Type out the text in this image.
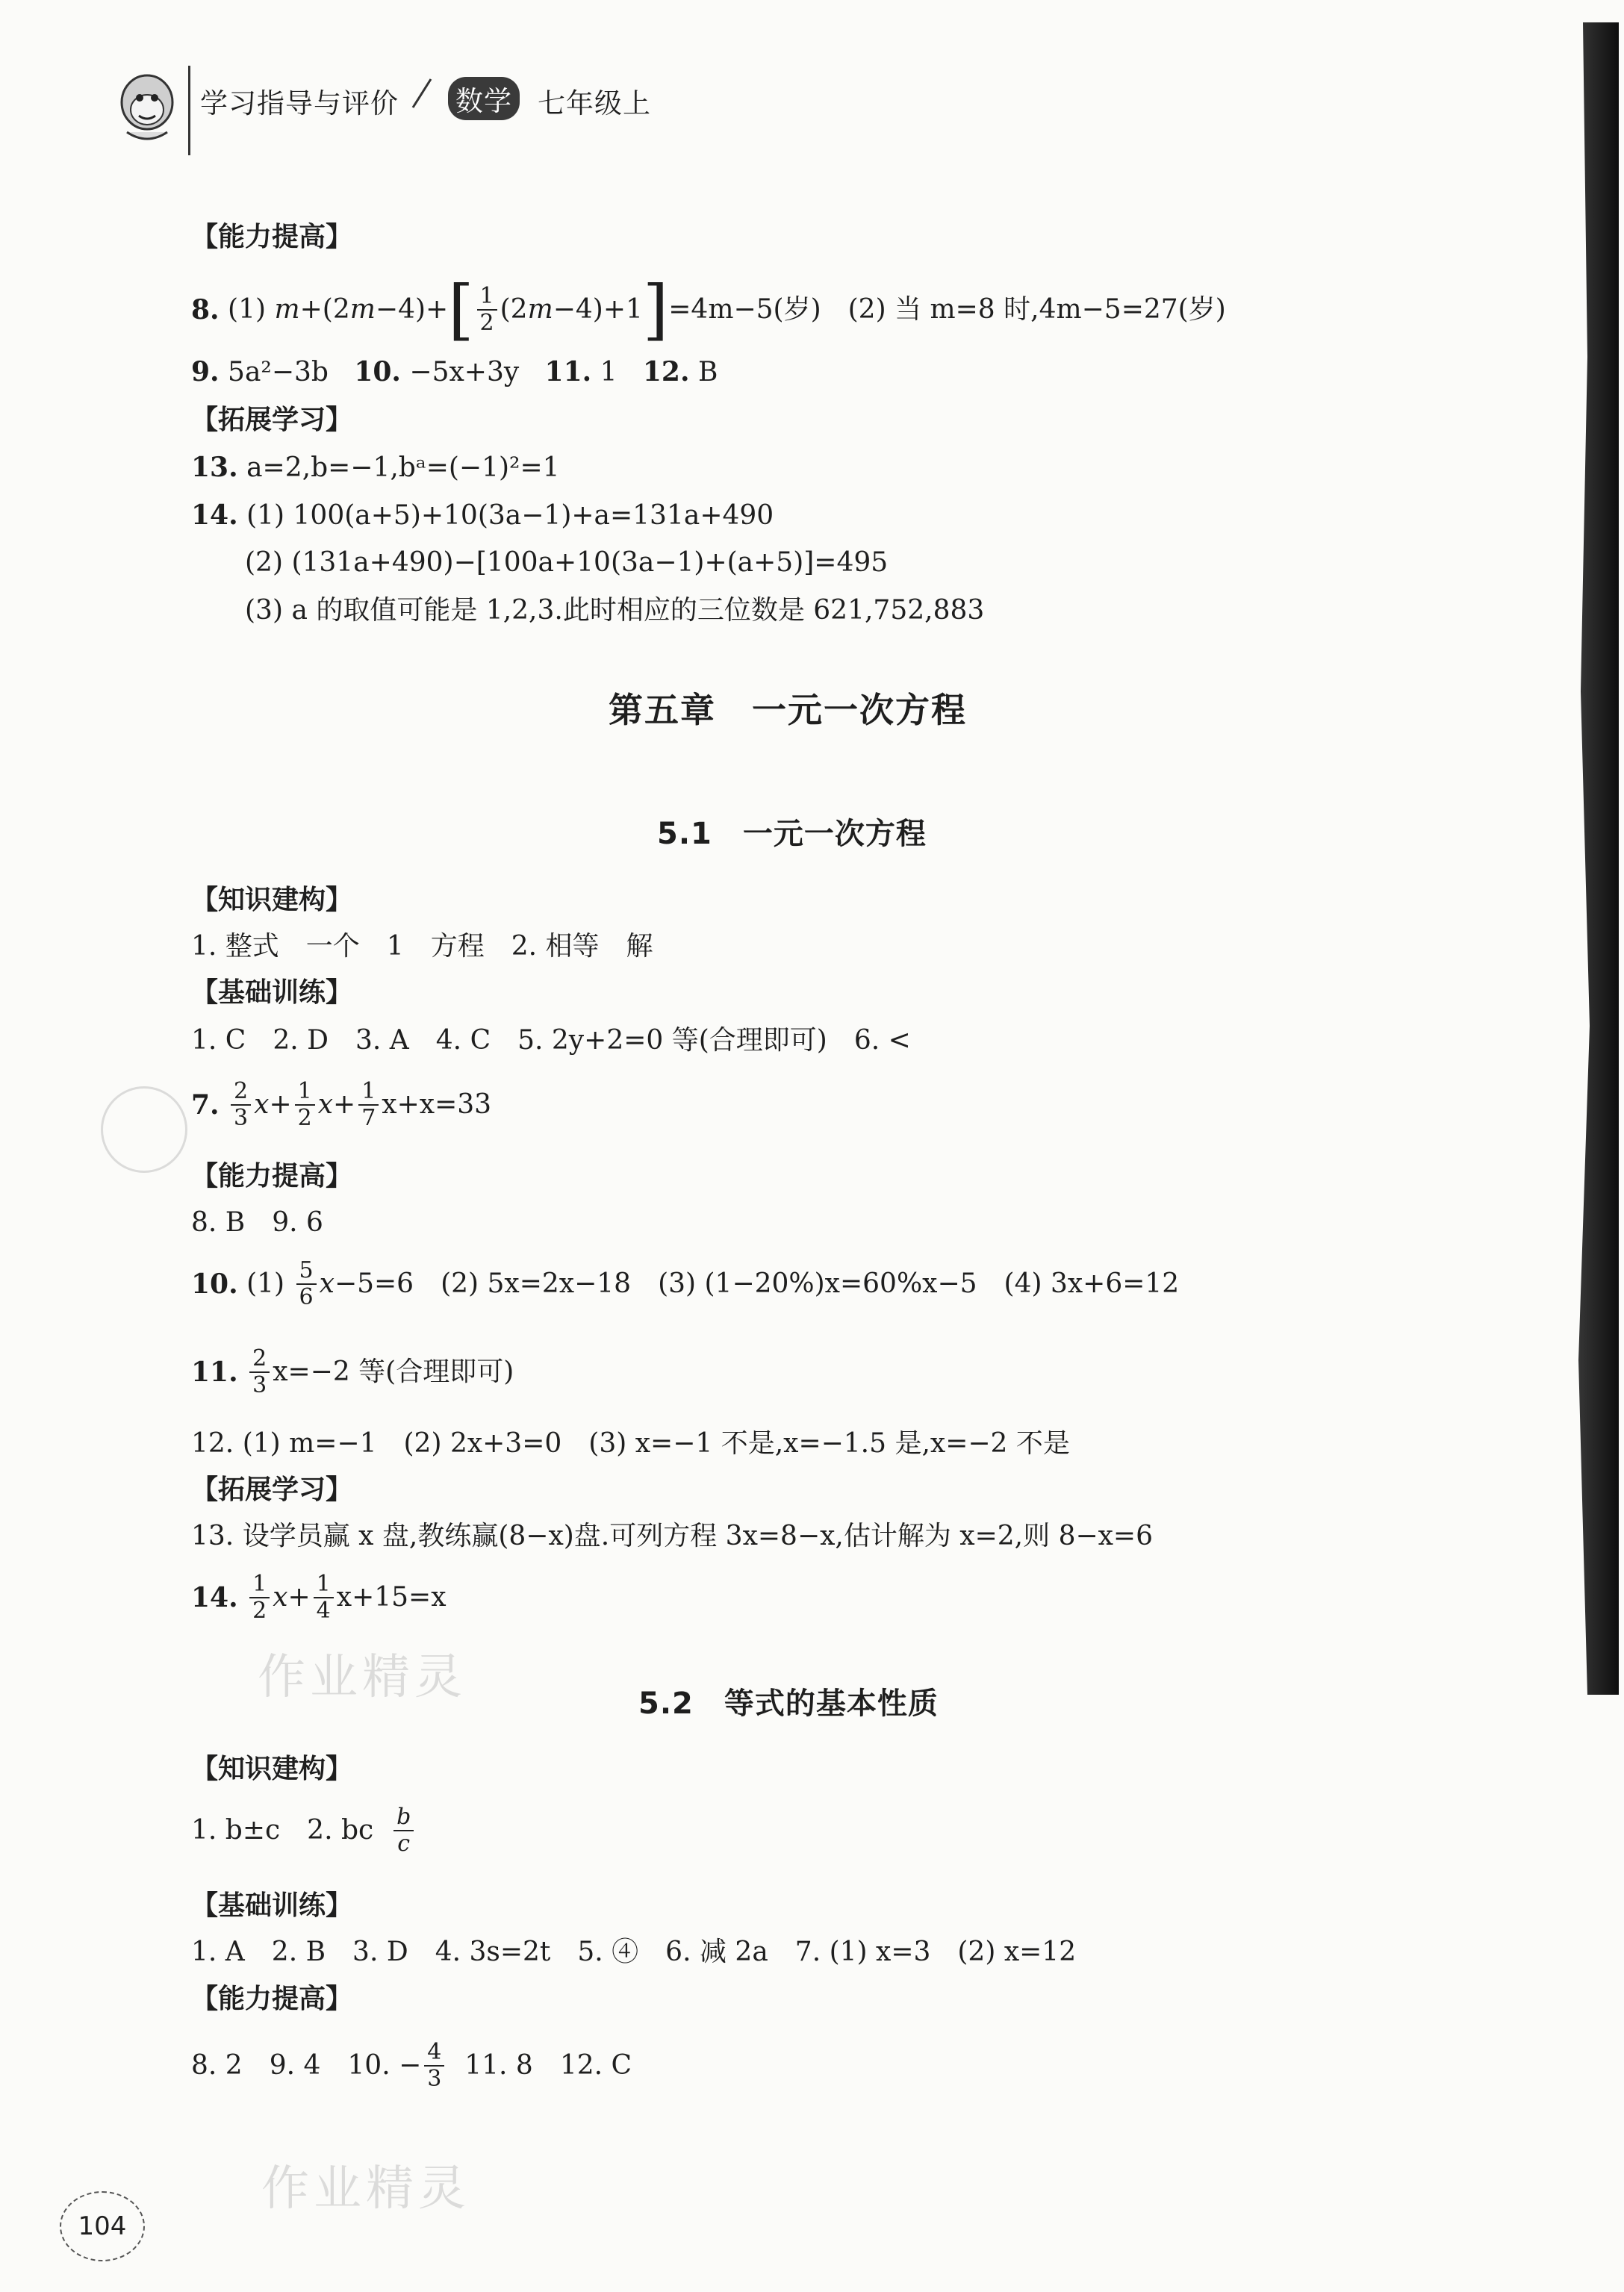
学习指导与评价 数学 七年级上
【能力提高】
8.
(1)
m+(2m−4)+ [ $\frac{1}{2} (2m-4)+1$ ] =4m−5(岁)　(2) 当 m=8 时,4m−5=27(岁)
9. 5a²−3b 10. −5x+3y 11. 1 12. B
【拓展学习】
13. a=2,b=−1,bᵃ=(−1)²=1
14. (1) 100(a+5)+10(3a−1)+a=131a+490
(2) (131a+490)−[100a+10(3a−1)+(a+5)]=495
(3) a 的取值可能是 1,2,3.此时相应的三位数是 621,752,883
第五章　一元一次方程
5.1　一元一次方程
【知识建构】
1. 整式　一个　1　方程　2. 相等　解
【基础训练】
1. C　2. D　3. A　4. C　5. 2y+2=0 等(合理即可)　6. <
7.
$\frac{2}{3}$ $x + \frac{1}{2}$ $x + \frac{1}{7} x+x=33$
【能力提高】
8. B　9. 6
10. $(1) \frac{5}{6}$ x −5=6　(2) 5x=2x−18　(3) (1−20%)x=60%x−5　(4) 3x+6=12
11.
$\frac{2}{3} x=-2$ 等(合理即可)
12. (1) m=−1　(2) 2x+3=0　(3) x=−1 不是,x=−1.5 是,x=−2 不是
【拓展学习】
13. 设学员赢 x 盘,教练赢(8−x)盘.可列方程 3x=8−x,估计解为 x=2,则 8−x=6
14.
$\frac{1}{2}$ $x + \frac{1}{4} x+15=x$
5.2　等式的基本性质
【知识建构】
1. b±c　2. bc
$\frac{b}{c}$
【基础训练】
1. A　2. B　3. D　4. 3s=2t　5. ④　6. 减 2a　7. (1) x=3　(2) x=12
【能力提高】
8. 2　9. 4　10. − $\frac{4}{3}$
11. 8　12. C
104
作业精灵
作业精灵
